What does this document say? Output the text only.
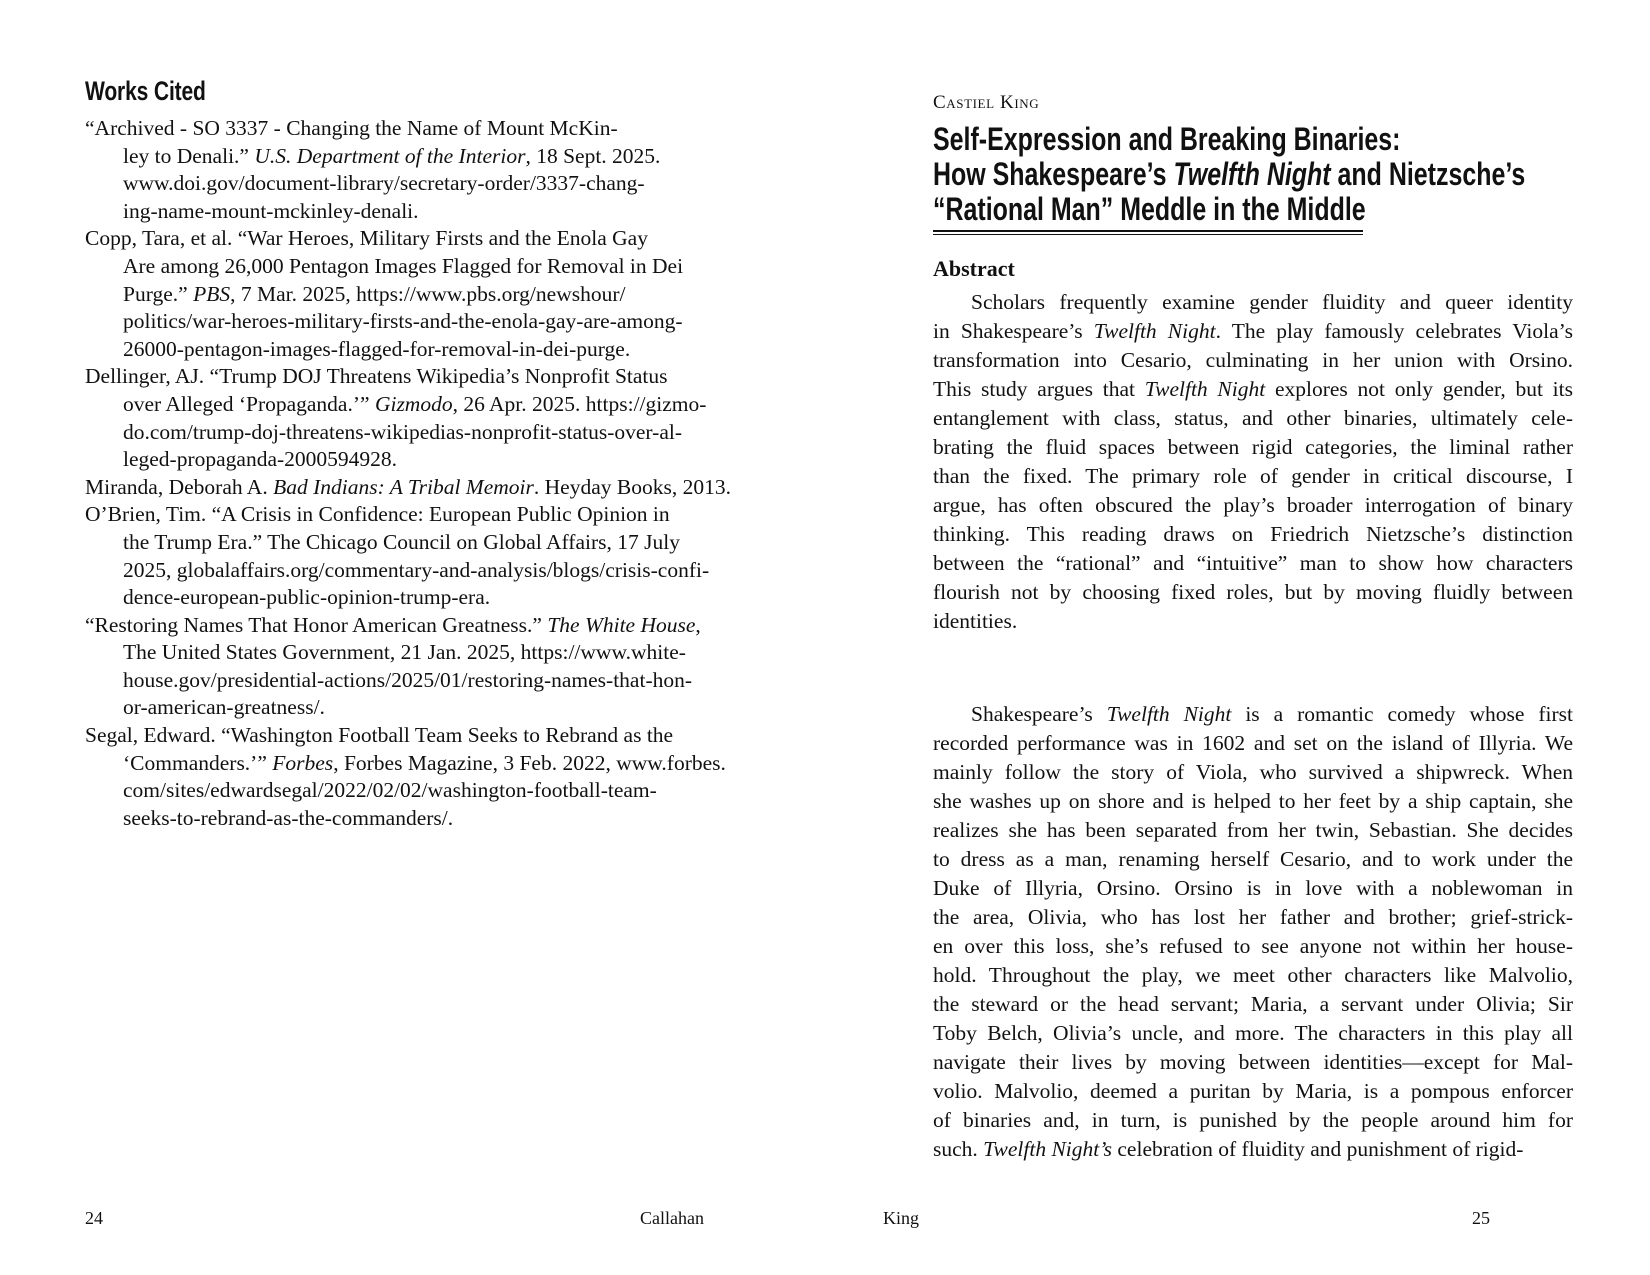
Works Cited
“Archived - SO 3337 - Changing the Name of Mount McKin-
ley to Denali.” U.S. Department of the Interior, 18 Sept. 2025.
www.doi.gov/document-library/secretary-order/3337-chang-
ing-name-mount-mckinley-denali.
Copp, Tara, et al. “War Heroes, Military Firsts and the Enola Gay
Are among 26,000 Pentagon Images Flagged for Removal in Dei
Purge.” PBS, 7 Mar. 2025, https://www.pbs.org/newshour/
politics/war-heroes-military-firsts-and-the-enola-gay-are-among-
26000-pentagon-images-flagged-for-removal-in-dei-purge.
Dellinger, AJ. “Trump DOJ Threatens Wikipedia’s Nonprofit Status
over Alleged ‘Propaganda.’” Gizmodo, 26 Apr. 2025. https://gizmo-
do.com/trump-doj-threatens-wikipedias-nonprofit-status-over-al-
leged-propaganda-2000594928.
Miranda, Deborah A. Bad Indians: A Tribal Memoir. Heyday Books, 2013.
O’Brien, Tim. “A Crisis in Confidence: European Public Opinion in
the Trump Era.” The Chicago Council on Global Affairs, 17 July
2025, globalaffairs.org/commentary-and-analysis/blogs/crisis-confi-
dence-european-public-opinion-trump-era.
“Restoring Names That Honor American Greatness.” The White House,
The United States Government, 21 Jan. 2025, https://www.white-
house.gov/presidential-actions/2025/01/restoring-names-that-hon-
or-american-greatness/.
Segal, Edward. “Washington Football Team Seeks to Rebrand as the
‘Commanders.’” Forbes, Forbes Magazine, 3 Feb. 2022, www.forbes.
com/sites/edwardsegal/2022/02/02/washington-football-team-
seeks-to-rebrand-as-the-commanders/.
24	Callahan
Castiel King
Self-Expression and Breaking Binaries:
How Shakespeare’s Twelfth Night and Nietzsche’s
“Rational Man” Meddle in the Middle
Abstract
Scholars frequently examine gender fluidity and queer identity
in Shakespeare’s Twelfth Night. The play famously celebrates Viola’s
transformation into Cesario, culminating in her union with Orsino.
This study argues that Twelfth Night explores not only gender, but its
entanglement with class, status, and other binaries, ultimately cele-
brating the fluid spaces between rigid categories, the liminal rather
than the fixed. The primary role of gender in critical discourse, I
argue, has often obscured the play’s broader interrogation of binary
thinking. This reading draws on Friedrich Nietzsche’s distinction
between the “rational” and “intuitive” man to show how characters
flourish not by choosing fixed roles, but by moving fluidly between
identities.
Shakespeare’s Twelfth Night is a romantic comedy whose first
recorded performance was in 1602 and set on the island of Illyria. We
mainly follow the story of Viola, who survived a shipwreck. When
she washes up on shore and is helped to her feet by a ship captain, she
realizes she has been separated from her twin, Sebastian. She decides
to dress as a man, renaming herself Cesario, and to work under the
Duke of Illyria, Orsino. Orsino is in love with a noblewoman in
the area, Olivia, who has lost her father and brother; grief-strick-
en over this loss, she’s refused to see anyone not within her house-
hold. Throughout the play, we meet other characters like Malvolio,
the steward or the head servant; Maria, a servant under Olivia; Sir
Toby Belch, Olivia’s uncle, and more. The characters in this play all
navigate their lives by moving between identities—except for Mal-
volio. Malvolio, deemed a puritan by Maria, is a pompous enforcer
of binaries and, in turn, is punished by the people around him for
such. Twelfth Night’s celebration of fluidity and punishment of rigid-
King	25
